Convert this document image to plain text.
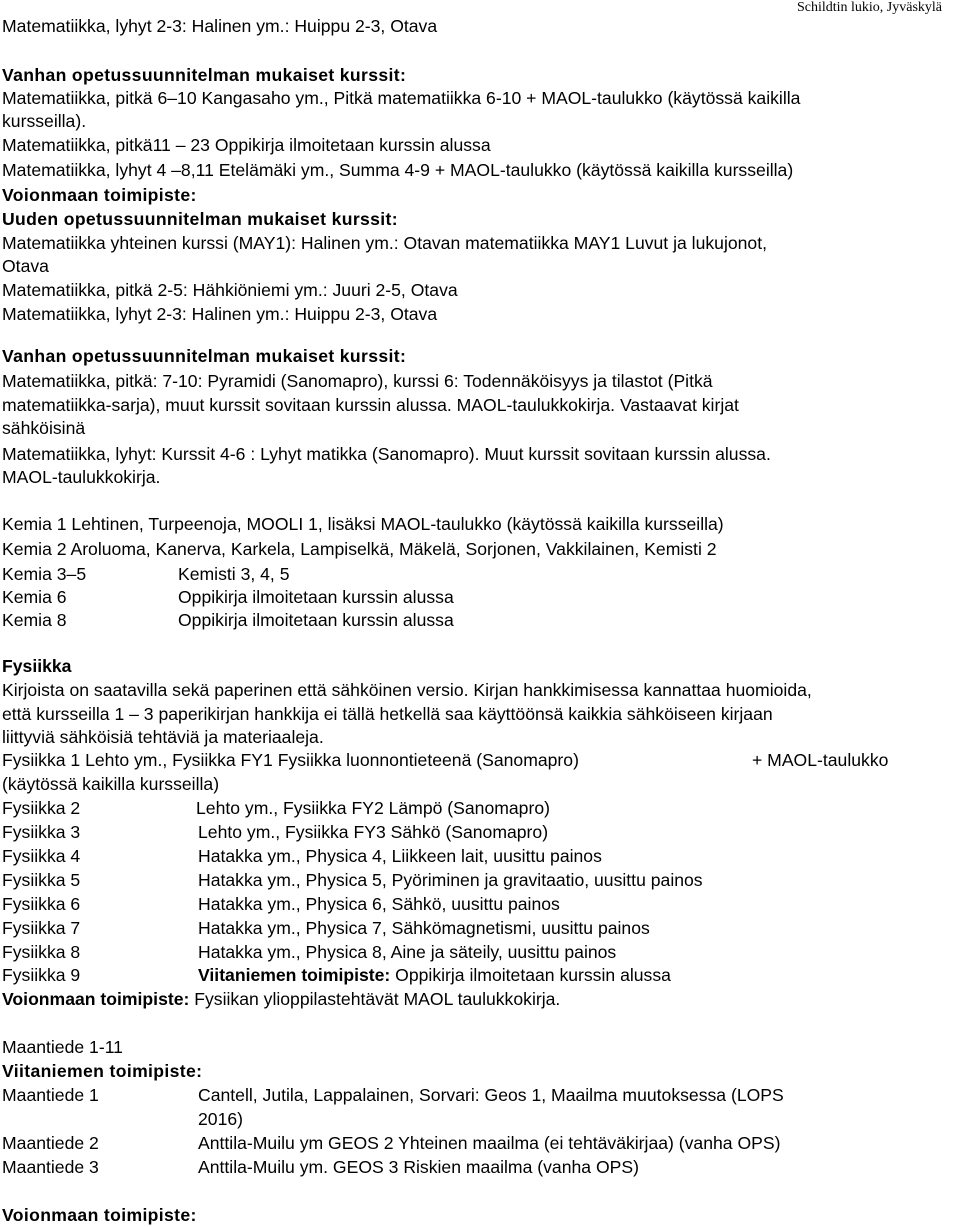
Matematiikka, lyhyt 2-3: Halinen ym.: Huippu 2-3, Otava
Schildtin lukio, Jyväskylä
Vanhan opetussuunnitelman mukaiset kurssit:
Matematiikka, pitkä 6–10 Kangasaho ym., Pitkä matematiikka 6-10 + MAOL-taulukko (käytössä kaikilla
kursseilla).
Matematiikka, pitkä11 – 23 Oppikirja ilmoitetaan kurssin alussa
Matematiikka, lyhyt 4 –8,11 Etelämäki ym., Summa 4-9 + MAOL-taulukko (käytössä kaikilla kursseilla)
Voionmaan toimipiste:
Uuden opetussuunnitelman mukaiset kurssit:
Matematiikka yhteinen kurssi (MAY1): Halinen ym.: Otavan matematiikka MAY1 Luvut ja lukujonot,
Otava
Matematiikka, pitkä 2-5: Hähkiöniemi ym.: Juuri 2-5, Otava
Matematiikka, lyhyt 2-3: Halinen ym.: Huippu 2-3, Otava
Vanhan opetussuunnitelman mukaiset kurssit:
Matematiikka, pitkä: 7-10: Pyramidi (Sanomapro), kurssi 6: Todennäköisyys ja tilastot (Pitkä
matematiikka-sarja), muut kurssit sovitaan kurssin alussa. MAOL-taulukkokirja. Vastaavat kirjat
sähköisinä
Matematiikka, lyhyt: Kurssit 4-6 : Lyhyt matikka (Sanomapro). Muut kurssit sovitaan kurssin alussa.
MAOL-taulukkokirja.
Kemia 1 Lehtinen, Turpeenoja, MOOLI 1, lisäksi MAOL-taulukko (käytössä kaikilla kursseilla)
Kemia 2 Aroluoma, Kanerva, Karkela, Lampiselkä, Mäkelä, Sorjonen, Vakkilainen, Kemisti 2
Kemia 3–5	Kemisti 3, 4, 5
Kemia 6	Oppikirja ilmoitetaan kurssin alussa
Kemia 8	Oppikirja ilmoitetaan kurssin alussa
Fysiikka
Kirjoista on saatavilla sekä paperinen että sähköinen versio. Kirjan hankkimisessa kannattaa huomioida,
että kursseilla 1 – 3 paperikirjan hankkija ei tällä hetkellä saa käyttöönsä kaikkia sähköiseen kirjaan
liittyviä sähköisiä tehtäviä ja materiaaleja.
Fysiikka 1 Lehto ym., Fysiikka FY1 Fysiikka luonnontieteenä (Sanomapro)	+ MAOL-taulukko
(käytössä kaikilla kursseilla)
Fysiikka 2	Lehto ym., Fysiikka FY2 Lämpö (Sanomapro)
Fysiikka 3	Lehto ym., Fysiikka FY3 Sähkö (Sanomapro)
Fysiikka 4	Hatakka ym., Physica 4, Liikkeen lait, uusittu painos
Fysiikka 5	Hatakka ym., Physica 5, Pyöriminen ja gravitaatio, uusittu painos
Fysiikka 6	Hatakka ym., Physica 6, Sähkö, uusittu painos
Fysiikka 7	Hatakka ym., Physica 7, Sähkömagnetismi, uusittu painos
Fysiikka 8	Hatakka ym., Physica 8, Aine ja säteily, uusittu painos
Fysiikka 9	Viitaniemen toimipiste: Oppikirja ilmoitetaan kurssin alussa
Voionmaan toimipiste: Fysiikan ylioppilastehtävät MAOL taulukkokirja.
Maantiede 1-11
Viitaniemen toimipiste:
Maantiede 1	Cantell, Jutila, Lappalainen, Sorvari: Geos 1, Maailma muutoksessa (LOPS
2016)
Maantiede 2	Anttila-Muilu ym GEOS 2 Yhteinen maailma (ei tehtäväkirjaa) (vanha OPS)
Maantiede 3	Anttila-Muilu ym. GEOS 3 Riskien maailma (vanha OPS)
Voionmaan toimipiste:
